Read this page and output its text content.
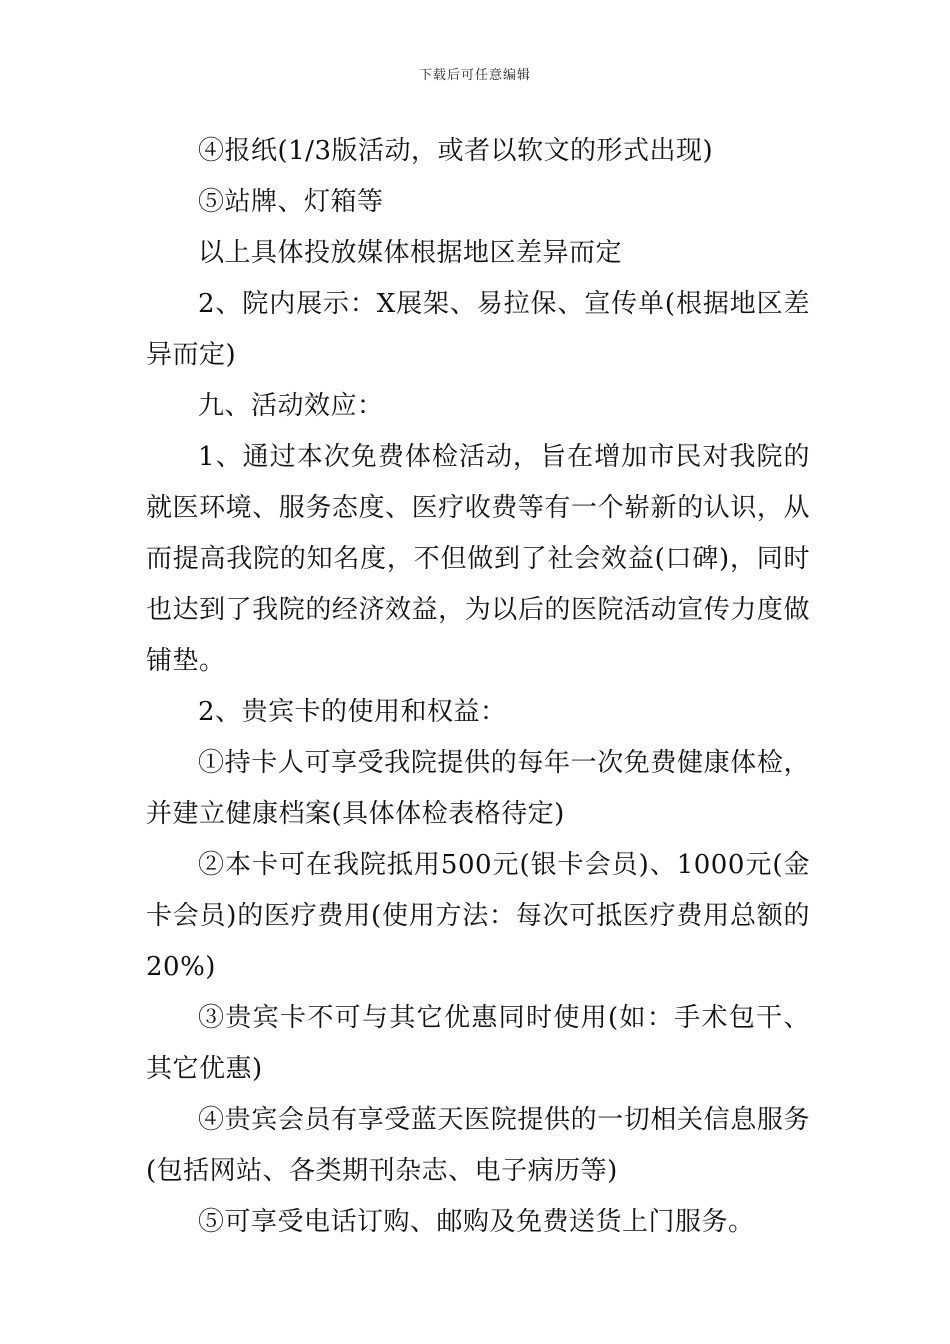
下载后可任意编辑

④报纸(1/3版活动，或者以软文的形式出现)

⑤站牌、灯箱等

以上具体投放媒体根据地区差异而定

2、院内展示：X展架、易拉保、宣传单(根据地区差异而定)

九、活动效应：

1、通过本次免费体检活动，旨在增加市民对我院的就医环境、服务态度、医疗收费等有一个崭新的认识，从而提高我院的知名度，不但做到了社会效益(口碑)，同时也达到了我院的经济效益，为以后的医院活动宣传力度做铺垫。

2、贵宾卡的使用和权益：

①持卡人可享受我院提供的每年一次免费健康体检，并建立健康档案(具体体检表格待定)

②本卡可在我院抵用500元(银卡会员)、1000元(金卡会员)的医疗费用(使用方法：每次可抵医疗费用总额的20%)

③贵宾卡不可与其它优惠同时使用(如：手术包干、其它优惠)

④贵宾会员有享受蓝天医院提供的一切相关信息服务(包括网站、各类期刊杂志、电子病历等)

⑤可享受电话订购、邮购及免费送货上门服务。
